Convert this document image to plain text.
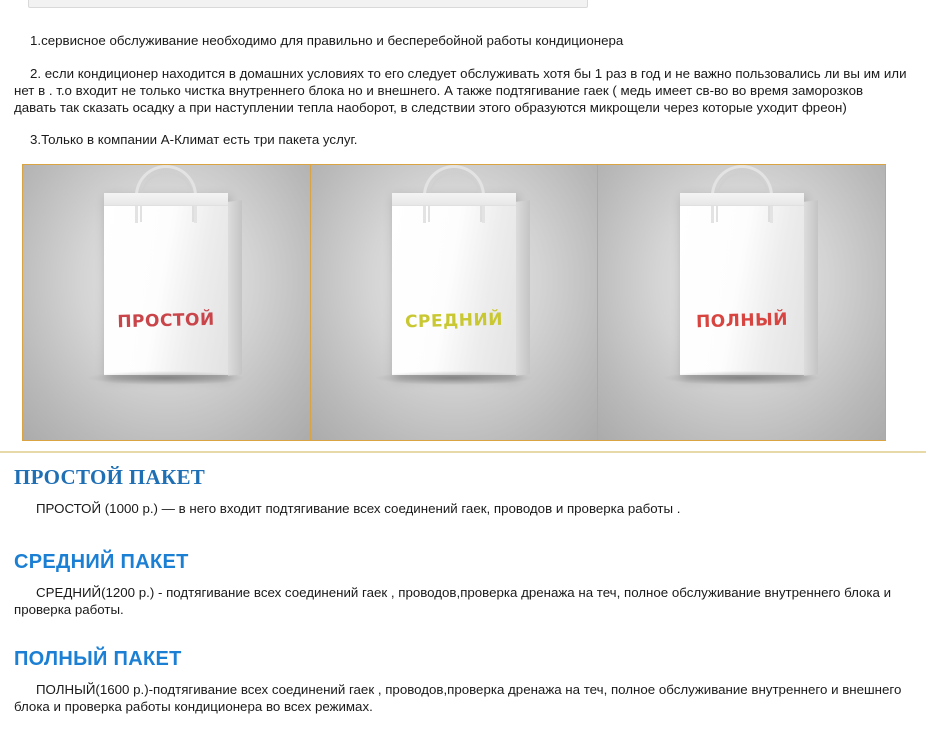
1.сервисное обслуживание необходимо для правильно и бесперебойной работы кондиционера

2. если кондиционер находится в домашних условиях то его следует обслуживать хотя бы 1 раз в год и не важно пользовались ли вы им или нет в . т.о входит не только чистка внутреннего блока но и внешнего. А также подтягивание гаек ( медь имеет св-во во время заморозков давать так сказать осадку а при наступлении тепла наоборот, в следствии этого образуются микрощели через которые уходит фреон)

3.Только в компании А-Климат есть три пакета услуг.

ПРОСТОЙ	СРЕДНИЙ	ПОЛНЫЙ
ПРОСТОЙ ПАКЕТ

ПРОСТОЙ (1000 р.) — в него входит подтягивание всех соединений гаек, проводов и проверка работы .

СРЕДНИЙ ПАКЕТ

СРЕДНИЙ(1200 р.) - подтягивание всех соединений гаек , проводов,проверка дренажа на теч, полное обслуживание внутреннего блока и проверка работы.

ПОЛНЫЙ ПАКЕТ

ПОЛНЫЙ(1600 р.)-подтягивание всех соединений гаек , проводов,проверка дренажа на теч, полное обслуживание внутреннего и внешнего блока и проверка работы кондиционера во всех режимах.
